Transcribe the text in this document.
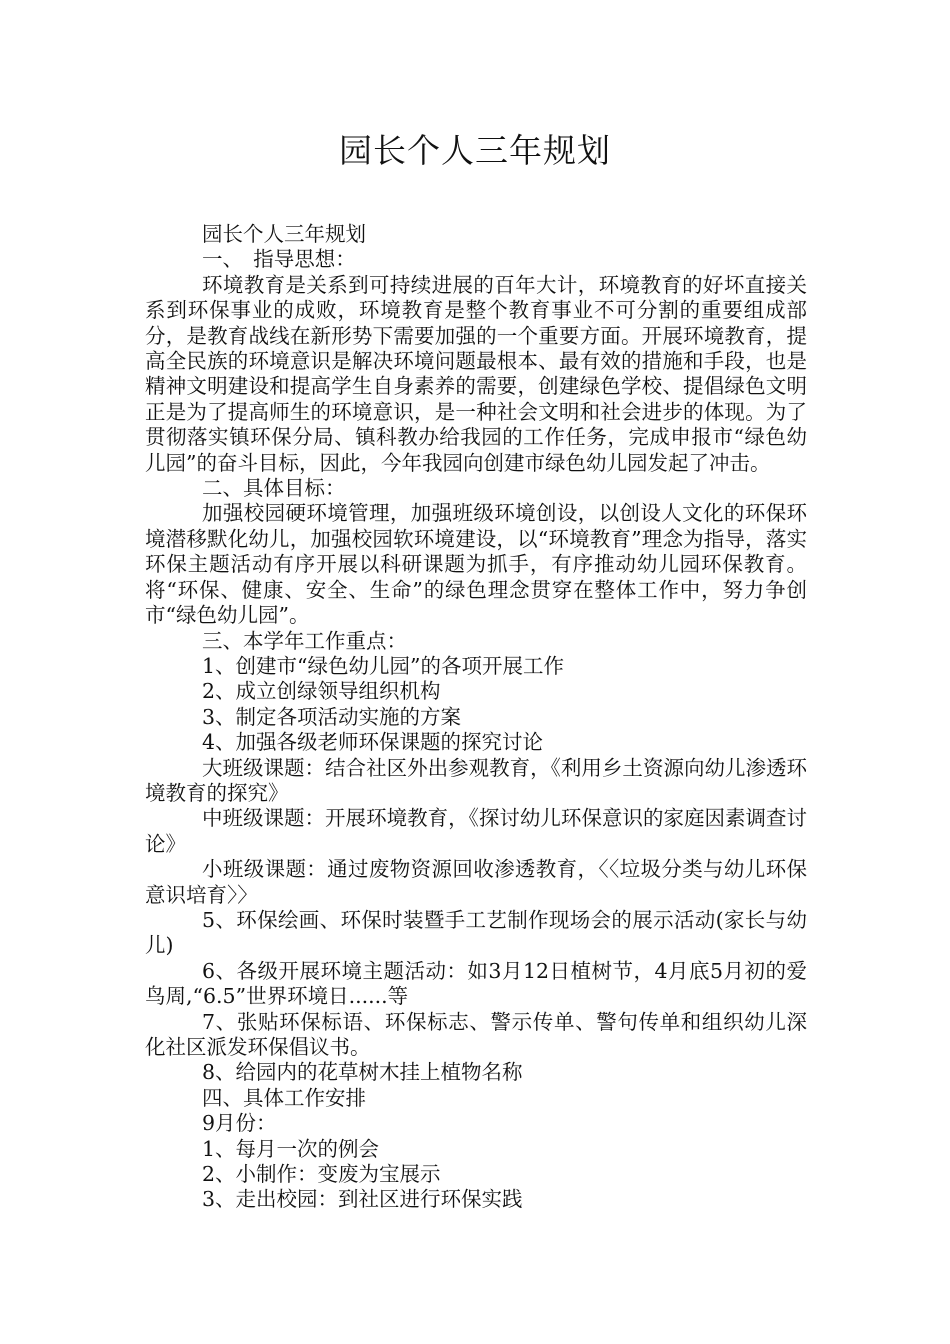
园长个人三年规划

园长个人三年规划

一、　指导思想：

环境教育是关系到可持续进展的百年大计，环境教育的好坏直接关系到环保事业的成败，环境教育是整个教育事业不可分割的重要组成部分，是教育战线在新形势下需要加强的一个重要方面。开展环境教育，提高全民族的环境意识是解决环境问题最根本、最有效的措施和手段，也是精神文明建设和提高学生自身素养的需要，创建绿色学校、提倡绿色文明正是为了提高师生的环境意识，是一种社会文明和社会进步的体现。为了贯彻落实镇环保分局、镇科教办给我园的工作任务，完成申报市“绿色幼儿园”的奋斗目标，因此，今年我园向创建市绿色幼儿园发起了冲击。

二、具体目标：

加强校园硬环境管理，加强班级环境创设，以创设人文化的环保环境潜移默化幼儿，加强校园软环境建设，以“环境教育”理念为指导，落实环保主题活动有序开展以科研课题为抓手，有序推动幼儿园环保教育。将“环保、健康、安全、生命”的绿色理念贯穿在整体工作中，努力争创市“绿色幼儿园”。

三、本学年工作重点：

1、创建市“绿色幼儿园”的各项开展工作

2、成立创绿领导组织机构

3、制定各项活动实施的方案

4、加强各级老师环保课题的探究讨论

大班级课题：结合社区外出参观教育，《利用乡土资源向幼儿渗透环境教育的探究》

中班级课题：开展环境教育，《探讨幼儿环保意识的家庭因素调查讨论》

小班级课题：通过废物资源回收渗透教育，〈〈垃圾分类与幼儿环保意识培育〉〉

5、环保绘画、环保时装暨手工艺制作现场会的展示活动(家长与幼儿)

6、各级开展环境主题活动：如3月12日植树节，4月底5月初的爱鸟周,“6.5”世界环境日......等

7、张贴环保标语、环保标志、警示传单、警句传单和组织幼儿深化社区派发环保倡议书。

8、给园内的花草树木挂上植物名称

四、具体工作安排

9月份：

1、每月一次的例会

2、小制作：变废为宝展示

3、走出校园：到社区进行环保实践
